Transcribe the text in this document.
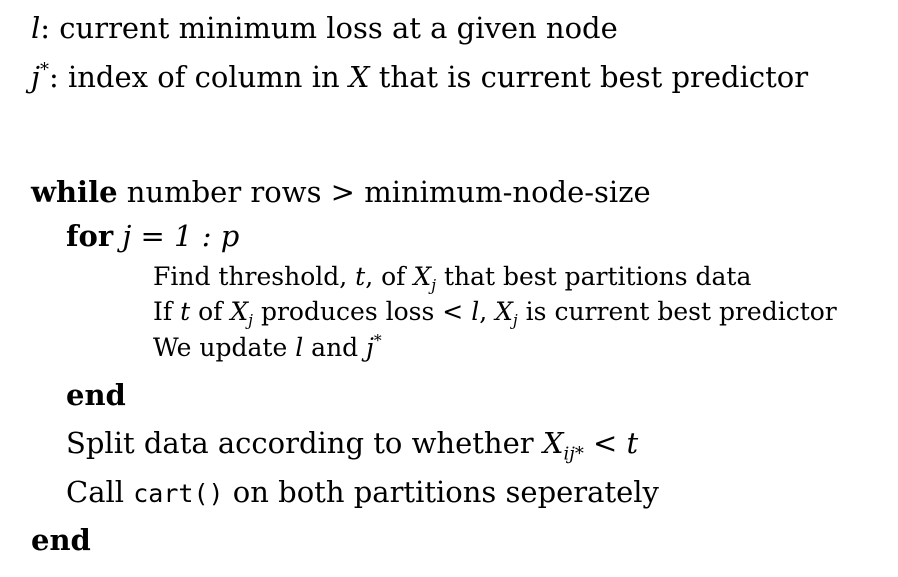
l: current minimum loss at a given node
j*: index of column in X that is current best predictor
while number rows > minimum-node-size
for j = 1 : p
Find threshold, t, of $X_j$ that best partitions data
If t of $X_j$ produces loss < l, $X_j$ is current best predictor
We update l and j*
end
Split data according to whether $X_{ij*} < t$
Call cart() on both partitions seperately
end
